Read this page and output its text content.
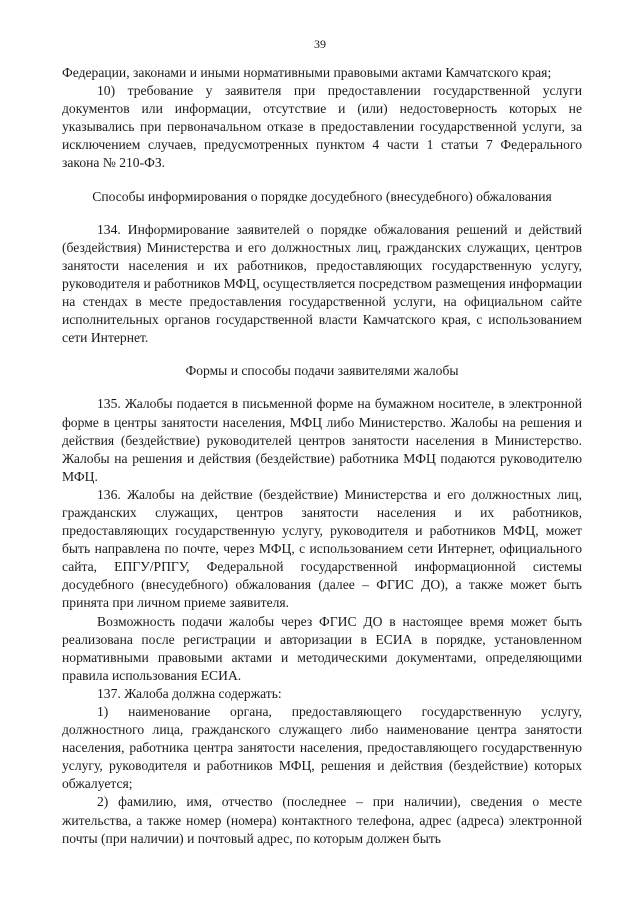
39

Федерации, законами и иными нормативными правовыми актами Камчатского края;

10) требование у заявителя при предоставлении государственной услуги документов или информации, отсутствие и (или) недостоверность которых не указывались при первоначальном отказе в предоставлении государственной услуги, за исключением случаев, предусмотренных пунктом 4 части 1 статьи 7 Федерального закона № 210-ФЗ.

Способы информирования о порядке досудебного (внесудебного) обжалования

134. Информирование заявителей о порядке обжалования решений и действий (бездействия) Министерства и его должностных лиц, гражданских служащих, центров занятости населения и их работников, предоставляющих государственную услугу, руководителя и работников МФЦ, осуществляется посредством размещения информации на стендах в месте предоставления государственной услуги, на официальном сайте исполнительных органов государственной власти Камчатского края, с использованием сети Интернет.

Формы и способы подачи заявителями жалобы

135. Жалобы подается в письменной форме на бумажном носителе, в электронной форме в центры занятости населения, МФЦ либо Министерство. Жалобы на решения и действия (бездействие) руководителей центров занятости населения в Министерство. Жалобы на решения и действия (бездействие) работника МФЦ подаются руководителю МФЦ.

136. Жалобы на действие (бездействие) Министерства и его должностных лиц, гражданских служащих, центров занятости населения и их работников, предоставляющих государственную услугу, руководителя и работников МФЦ, может быть направлена по почте, через МФЦ, с использованием сети Интернет, официального сайта, ЕПГУ/РПГУ, Федеральной государственной информационной системы досудебного (внесудебного) обжалования (далее – ФГИС ДО), а также может быть принята при личном приеме заявителя.

Возможность подачи жалобы через ФГИС ДО в настоящее время может быть реализована после регистрации и авторизации в ЕСИА в порядке, установленном нормативными правовыми актами и методическими документами, определяющими правила использования ЕСИА.

137. Жалоба должна содержать:

1) наименование органа, предоставляющего государственную услугу, должностного лица, гражданского служащего либо наименование центра занятости населения, работника центра занятости населения, предоставляющего государственную услугу, руководителя и работников МФЦ, решения и действия (бездействие) которых обжалуется;

2) фамилию, имя, отчество (последнее – при наличии), сведения о месте жительства, а также номер (номера) контактного телефона, адрес (адреса) электронной почты (при наличии) и почтовый адрес, по которым должен быть
